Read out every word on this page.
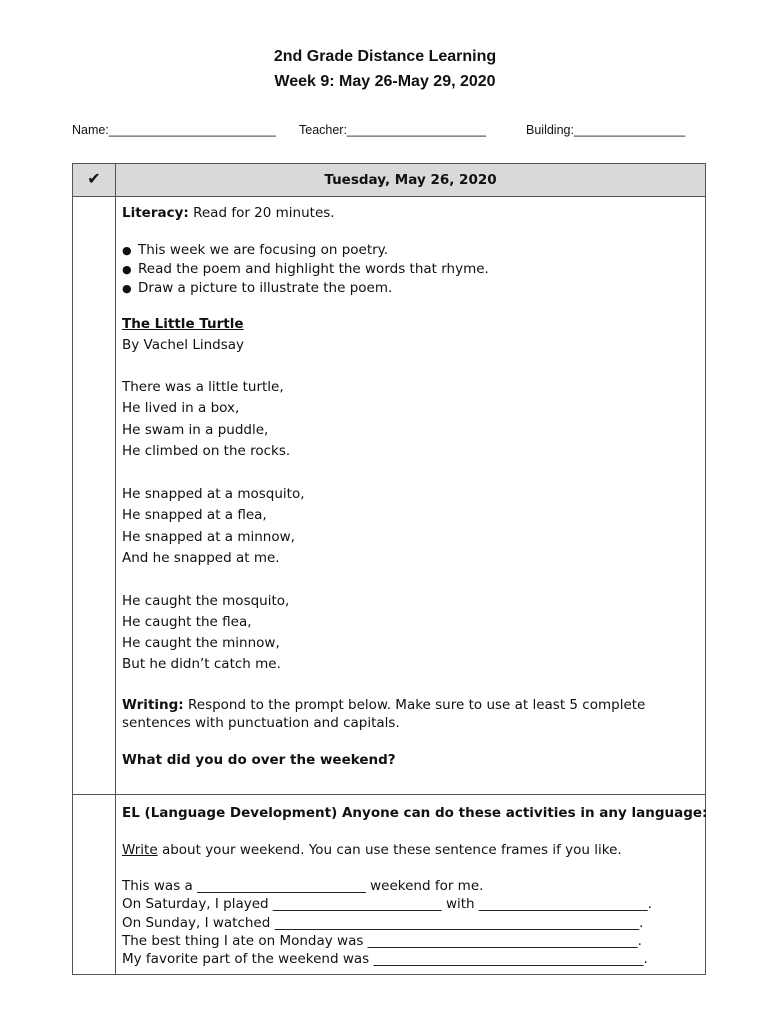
2nd Grade Distance Learning
Week 9: May 26-May 29, 2020
Name:________________________ Teacher:____________________	Building:________________
✔	Tuesday, May 26, 2020
Literacy: Read for 20 minutes.
● This week we are focusing on poetry.
● Read the poem and highlight the words that rhyme.
● Draw a picture to illustrate the poem.
The Little Turtle
By Vachel Lindsay
There was a little turtle,
He lived in a box,
He swam in a puddle,
He climbed on the rocks.
He snapped at a mosquito,
He snapped at a flea,
He snapped at a minnow,
And he snapped at me.
He caught the mosquito,
He caught the flea,
He caught the minnow,
But he didn’t catch me.
Writing: Respond to the prompt below. Make sure to use at least 5 complete
sentences with punctuation and capitals.
What did you do over the weekend?
EL (Language Development) Anyone can do these activities in any language:
Write about your weekend. You can use these sentence frames if you like.
This was a _________________________ weekend for me.
On Saturday, I played _________________________ with _________________________.
On Sunday, I watched ______________________________________________________.
The best thing I ate on Monday was ________________________________________.
My favorite part of the weekend was ________________________________________.
